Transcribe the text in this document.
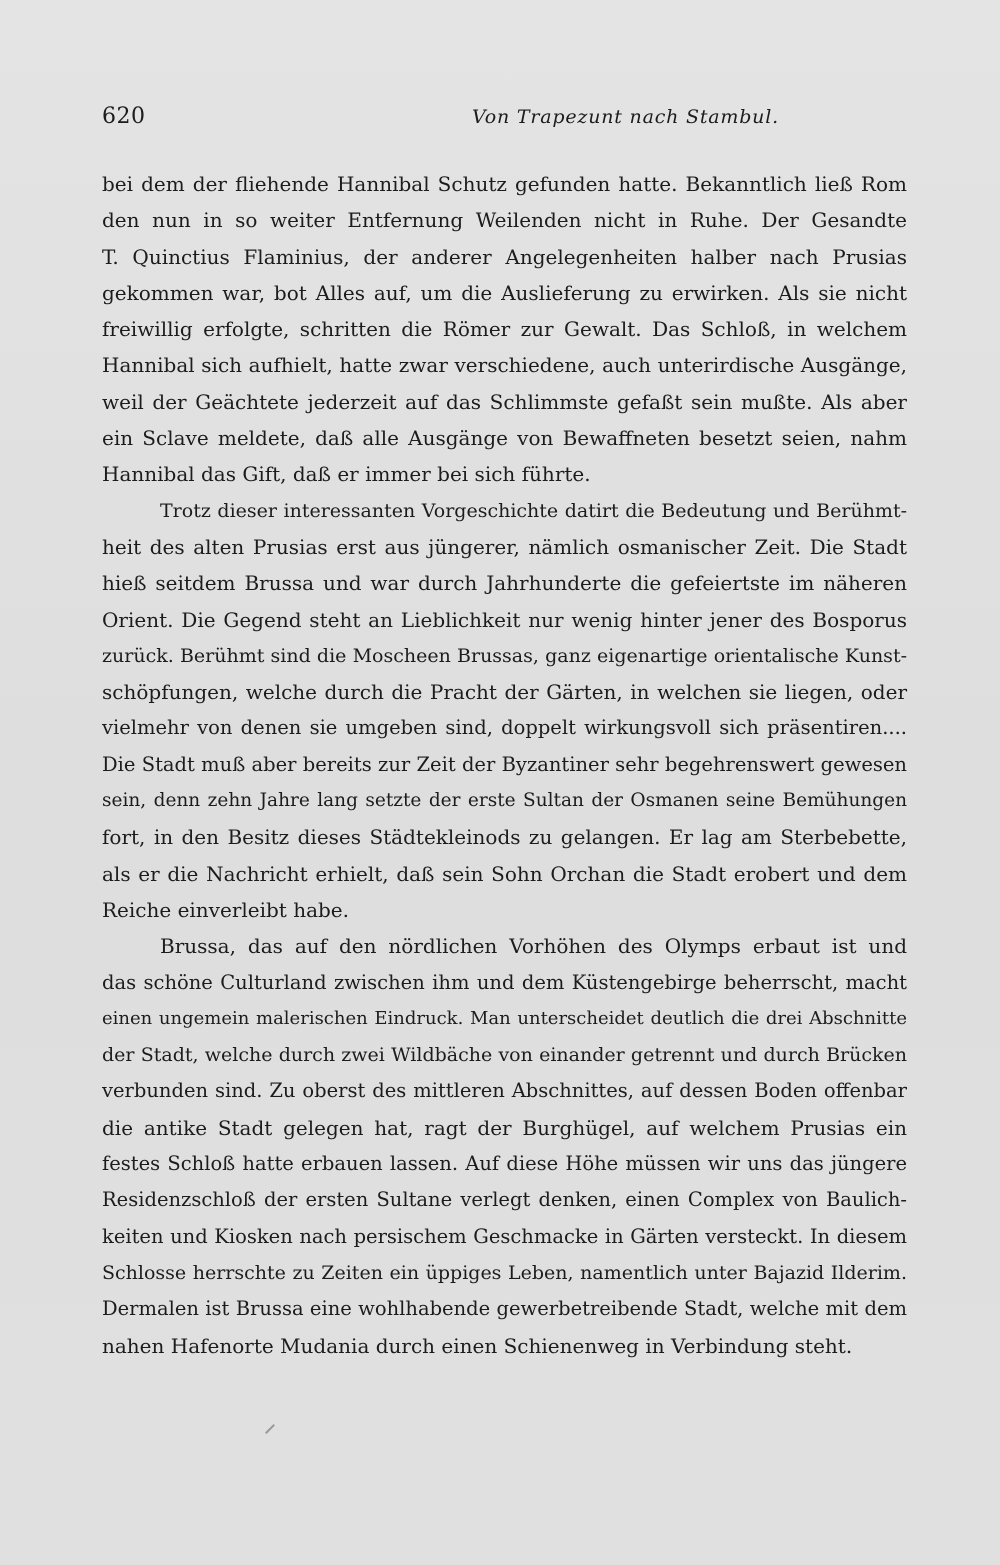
620	Von Trapezunt nach Stambul.

bei dem der fliehende Hannibal Schutz gefunden hatte. Bekanntlich ließ Rom
den nun in so weiter Entfernung Weilenden nicht in Ruhe. Der Gesandte
T. Quinctius Flaminius, der anderer Angelegenheiten halber nach Prusias
gekommen war, bot Alles auf, um die Auslieferung zu erwirken. Als sie nicht
freiwillig erfolgte, schritten die Römer zur Gewalt. Das Schloß, in welchem
Hannibal sich aufhielt, hatte zwar verschiedene, auch unterirdische Ausgänge,
weil der Geächtete jederzeit auf das Schlimmste gefaßt sein mußte. Als aber
ein Sclave meldete, daß alle Ausgänge von Bewaffneten besetzt seien, nahm
Hannibal das Gift, daß er immer bei sich führte.

Trotz dieser interessanten Vorgeschichte datirt die Bedeutung und Berühmt-
heit des alten Prusias erst aus jüngerer, nämlich osmanischer Zeit. Die Stadt
hieß seitdem Brussa und war durch Jahrhunderte die gefeiertste im näheren
Orient. Die Gegend steht an Lieblichkeit nur wenig hinter jener des Bosporus
zurück. Berühmt sind die Moscheen Brussas, ganz eigenartige orientalische Kunst-
schöpfungen, welche durch die Pracht der Gärten, in welchen sie liegen, oder
vielmehr von denen sie umgeben sind, doppelt wirkungsvoll sich präsentiren....
Die Stadt muß aber bereits zur Zeit der Byzantiner sehr begehrenswert gewesen
sein, denn zehn Jahre lang setzte der erste Sultan der Osmanen seine Bemühungen
fort, in den Besitz dieses Städtekleinods zu gelangen. Er lag am Sterbebette,
als er die Nachricht erhielt, daß sein Sohn Orchan die Stadt erobert und dem
Reiche einverleibt habe.

Brussa, das auf den nördlichen Vorhöhen des Olymps erbaut ist und
das schöne Culturland zwischen ihm und dem Küstengebirge beherrscht, macht
einen ungemein malerischen Eindruck. Man unterscheidet deutlich die drei Abschnitte
der Stadt, welche durch zwei Wildbäche von einander getrennt und durch Brücken
verbunden sind. Zu oberst des mittleren Abschnittes, auf dessen Boden offenbar
die antike Stadt gelegen hat, ragt der Burghügel, auf welchem Prusias ein
festes Schloß hatte erbauen lassen. Auf diese Höhe müssen wir uns das jüngere
Residenzschloß der ersten Sultane verlegt denken, einen Complex von Baulich-
keiten und Kiosken nach persischem Geschmacke in Gärten versteckt. In diesem
Schlosse herrschte zu Zeiten ein üppiges Leben, namentlich unter Bajazid Ilderim.
Dermalen ist Brussa eine wohlhabende gewerbetreibende Stadt, welche mit dem
nahen Hafenorte Mudania durch einen Schienenweg in Verbindung steht.
